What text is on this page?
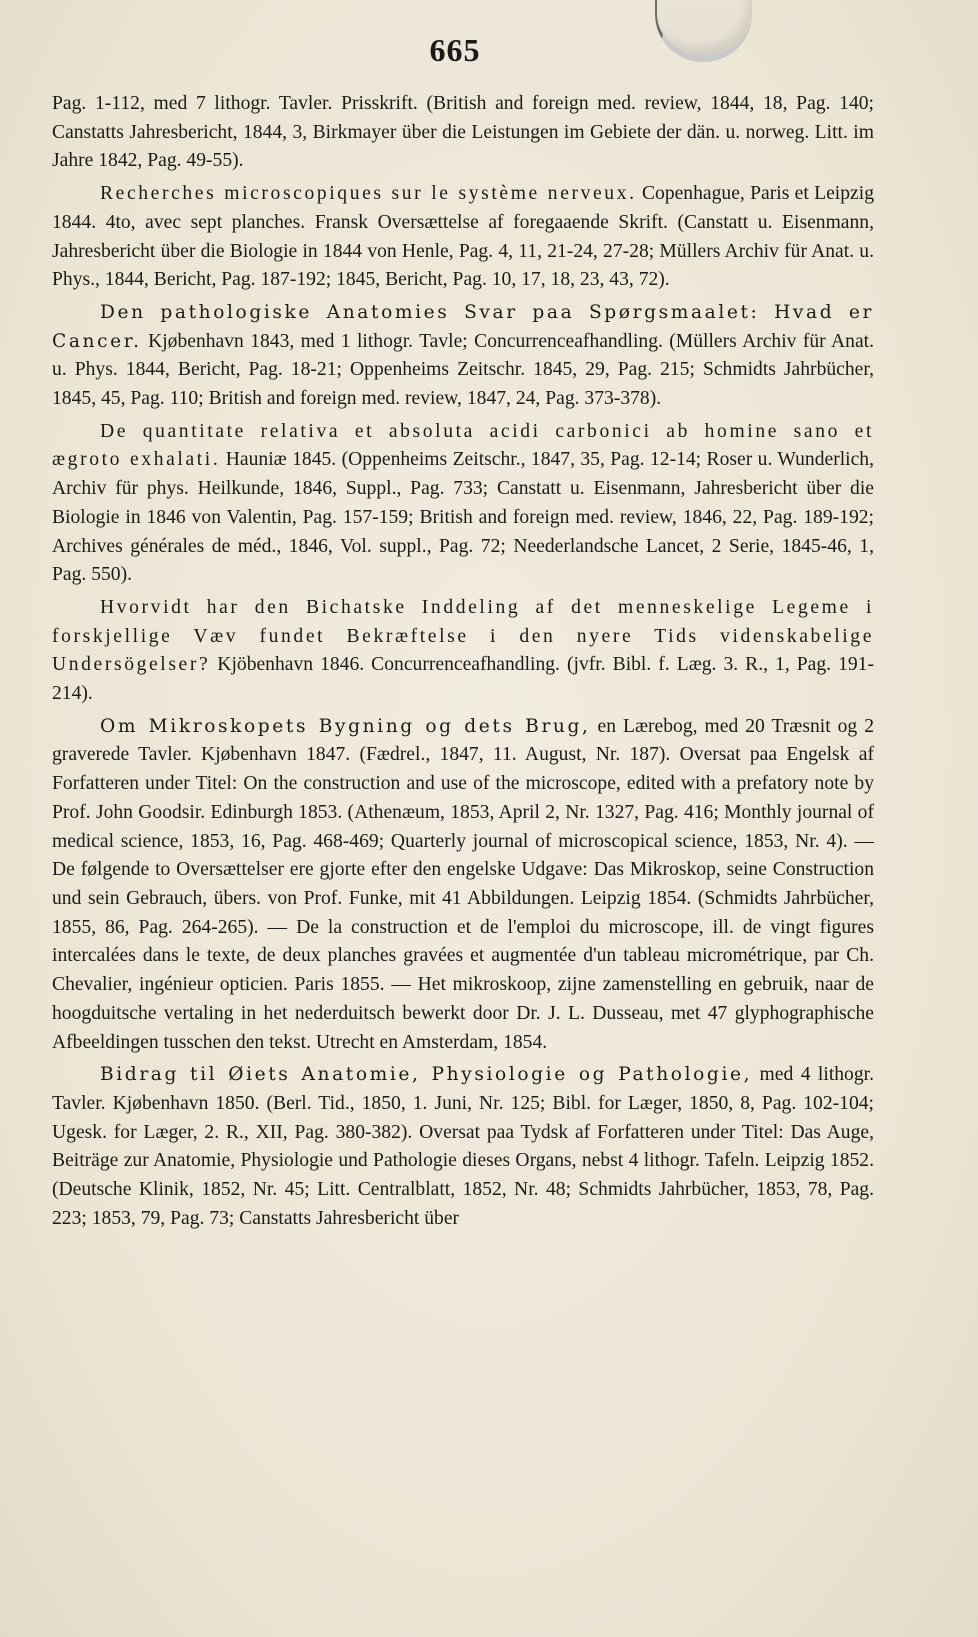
665

Pag. 1-112, med 7 lithogr. Tavler. Prisskrift. (British and foreign med. review, 1844, 18, Pag. 140; Canstatts Jahresbericht, 1844, 3, Birkmayer über die Leistungen im Gebiete der dän. u. norweg. Litt. im Jahre 1842, Pag. 49-55).

Recherches microscopiques sur le système nerveux. Copenhague, Paris et Leipzig 1844. 4to, avec sept planches. Fransk Oversættelse af foregaaende Skrift. (Canstatt u. Eisenmann, Jahresbericht über die Biologie in 1844 von Henle, Pag. 4, 11, 21-24, 27-28; Müllers Archiv für Anat. u. Phys., 1844, Bericht, Pag. 187-192; 1845, Bericht, Pag. 10, 17, 18, 23, 43, 72).

Den pathologiske Anatomies Svar paa Spørgsmaalet: Hvad er Cancer. Kjøbenhavn 1843, med 1 lithogr. Tavle; Concurrenceafhandling. (Müllers Archiv für Anat. u. Phys. 1844, Bericht, Pag. 18-21; Oppenheims Zeitschr. 1845, 29, Pag. 215; Schmidts Jahrbücher, 1845, 45, Pag. 110; British and foreign med. review, 1847, 24, Pag. 373-378).

De quantitate relativa et absoluta acidi carbonici ab homine sano et ægroto exhalati. Hauniæ 1845. (Oppenheims Zeitschr., 1847, 35, Pag. 12-14; Roser u. Wunderlich, Archiv für phys. Heilkunde, 1846, Suppl., Pag. 733; Canstatt u. Eisenmann, Jahresbericht über die Biologie in 1846 von Valentin, Pag. 157-159; British and foreign med. review, 1846, 22, Pag. 189-192; Archives générales de méd., 1846, Vol. suppl., Pag. 72; Neederlandsche Lancet, 2 Serie, 1845-46, 1, Pag. 550).

Hvorvidt har den Bichatske Inddeling af det menneskelige Legeme i forskjellige Væv fundet Bekræftelse i den nyere Tids videnskabelige Undersögelser? Kjöbenhavn 1846. Concurrenceafhandling. (jvfr. Bibl. f. Læg. 3. R., 1, Pag. 191-214).

Om Mikroskopets Bygning og dets Brug, en Lærebog, med 20 Træsnit og 2 graverede Tavler. Kjøbenhavn 1847. (Fædrel., 1847, 11. August, Nr. 187). Oversat paa Engelsk af Forfatteren under Titel: On the construction and use of the microscope, edited with a prefatory note by Prof. John Goodsir. Edinburgh 1853. (Athenæum, 1853, April 2, Nr. 1327, Pag. 416; Monthly journal of medical science, 1853, 16, Pag. 468-469; Quarterly journal of microscopical science, 1853, Nr. 4). — De følgende to Oversættelser ere gjorte efter den engelske Udgave: Das Mikroskop, seine Construction und sein Gebrauch, übers. von Prof. Funke, mit 41 Abbildungen. Leipzig 1854. (Schmidts Jahrbücher, 1855, 86, Pag. 264-265). — De la construction et de l'emploi du microscope, ill. de vingt figures intercalées dans le texte, de deux planches gravées et augmentée d'un tableau micrométrique, par Ch. Chevalier, ingénieur opticien. Paris 1855. — Het mikroskoop, zijne zamenstelling en gebruik, naar de hoogduitsche vertaling in het nederduitsch bewerkt door Dr. J. L. Dusseau, met 47 glyphographische Afbeeldingen tusschen den tekst. Utrecht en Amsterdam, 1854.

Bidrag til Øiets Anatomie, Physiologie og Pathologie, med 4 lithogr. Tavler. Kjøbenhavn 1850. (Berl. Tid., 1850, 1. Juni, Nr. 125; Bibl. for Læger, 1850, 8, Pag. 102-104; Ugesk. for Læger, 2. R., XII, Pag. 380-382). Oversat paa Tydsk af Forfatteren under Titel: Das Auge, Beiträge zur Anatomie, Physiologie und Pathologie dieses Organs, nebst 4 lithogr. Tafeln. Leipzig 1852. (Deutsche Klinik, 1852, Nr. 45; Litt. Centralblatt, 1852, Nr. 48; Schmidts Jahrbücher, 1853, 78, Pag. 223; 1853, 79, Pag. 73; Canstatts Jahresbericht über
